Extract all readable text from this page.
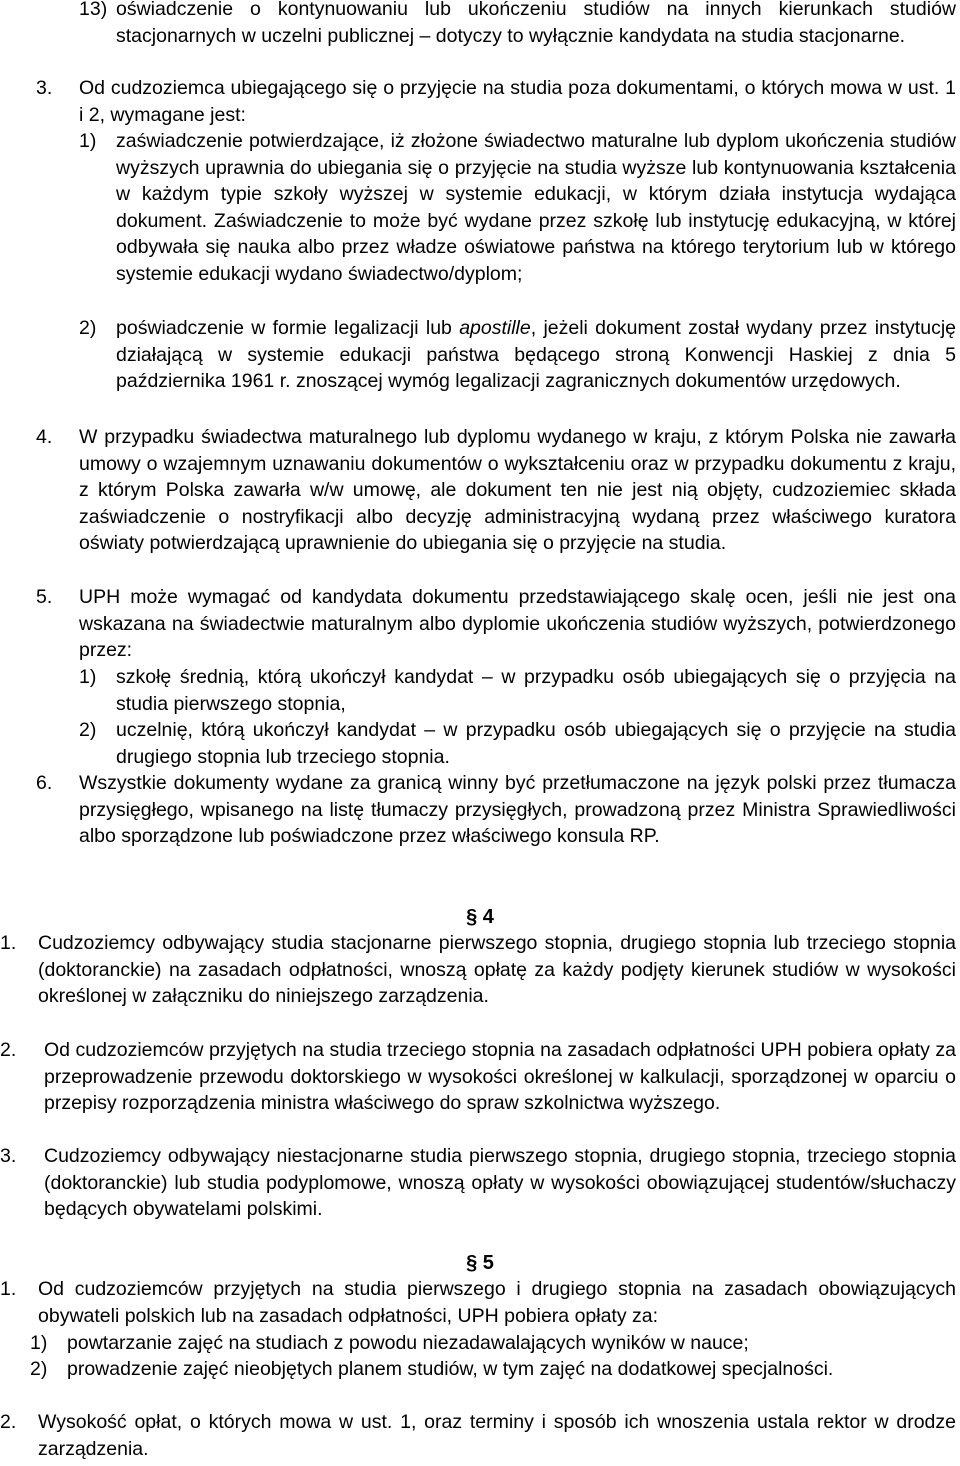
13) oświadczenie o kontynuowaniu lub ukończeniu studiów na innych kierunkach studiów stacjonarnych w uczelni publicznej – dotyczy to wyłącznie kandydata na studia stacjonarne.
3. Od cudzoziemca ubiegającego się o przyjęcie na studia poza dokumentami, o których mowa w ust. 1 i 2, wymagane jest:
1) zaświadczenie potwierdzające, iż złożone świadectwo maturalne lub dyplom ukończenia studiów wyższych uprawnia do ubiegania się o przyjęcie na studia wyższe lub kontynuowania kształcenia w każdym typie szkoły wyższej w systemie edukacji, w którym działa instytucja wydająca dokument. Zaświadczenie to może być wydane przez szkołę lub instytucję edukacyjną, w której odbywała się nauka albo przez władze oświatowe państwa na którego terytorium lub w którego systemie edukacji wydano świadectwo/dyplom;
2) poświadczenie w formie legalizacji lub apostille, jeżeli dokument został wydany przez instytucję działającą w systemie edukacji państwa będącego stroną Konwencji Haskiej z dnia 5 października 1961 r. znoszącej wymóg legalizacji zagranicznych dokumentów urzędowych.
4. W przypadku świadectwa maturalnego lub dyplomu wydanego w kraju, z którym Polska nie zawarła umowy o wzajemnym uznawaniu dokumentów o wykształceniu oraz w przypadku dokumentu z kraju, z którym Polska zawarła w/w umowę, ale dokument ten nie jest nią objęty, cudzoziemiec składa zaświadczenie o nostryfikacji albo decyzję administracyjną wydaną przez właściwego kuratora oświaty potwierdzającą uprawnienie do ubiegania się o przyjęcie na studia.
5. UPH może wymagać od kandydata dokumentu przedstawiającego skalę ocen, jeśli nie jest ona wskazana na świadectwie maturalnym albo dyplomie ukończenia studiów wyższych, potwierdzonego przez:
1) szkołę średnią, którą ukończył kandydat – w przypadku osób ubiegających się o przyjęcia na studia pierwszego stopnia,
2) uczelnię, którą ukończył kandydat – w przypadku osób ubiegających się o przyjęcie na studia drugiego stopnia lub trzeciego stopnia.
6. Wszystkie dokumenty wydane za granicą winny być przetłumaczone na język polski przez tłumacza przysięgłego, wpisanego na listę tłumaczy przysięgłych, prowadzoną przez Ministra Sprawiedliwości albo sporządzone lub poświadczone przez właściwego konsula RP.
§ 4
1. Cudzoziemcy odbywający studia stacjonarne pierwszego stopnia, drugiego stopnia lub trzeciego stopnia (doktoranckie) na zasadach odpłatności, wnoszą opłatę za każdy podjęty kierunek studiów w wysokości określonej w załączniku do niniejszego zarządzenia.
2. Od cudzoziemców przyjętych na studia trzeciego stopnia na zasadach odpłatności UPH pobiera opłaty za przeprowadzenie przewodu doktorskiego w wysokości określonej w kalkulacji, sporządzonej w oparciu o przepisy rozporządzenia ministra właściwego do spraw szkolnictwa wyższego.
3. Cudzoziemcy odbywający niestacjonarne studia pierwszego stopnia, drugiego stopnia, trzeciego stopnia (doktoranckie) lub studia podyplomowe, wnoszą opłaty w wysokości obowiązującej studentów/słuchaczy będących obywatelami polskimi.
§ 5
1. Od cudzoziemców przyjętych na studia pierwszego i drugiego stopnia na zasadach obowiązujących obywateli polskich lub na zasadach odpłatności, UPH pobiera opłaty za:
1) powtarzanie zajęć na studiach z powodu niezadawalających wyników w nauce;
2) prowadzenie zajęć nieobjętych planem studiów, w tym zajęć na dodatkowej specjalności.
2. Wysokość opłat, o których mowa w ust. 1, oraz terminy i sposób ich wnoszenia ustala rektor w drodze zarządzenia.
